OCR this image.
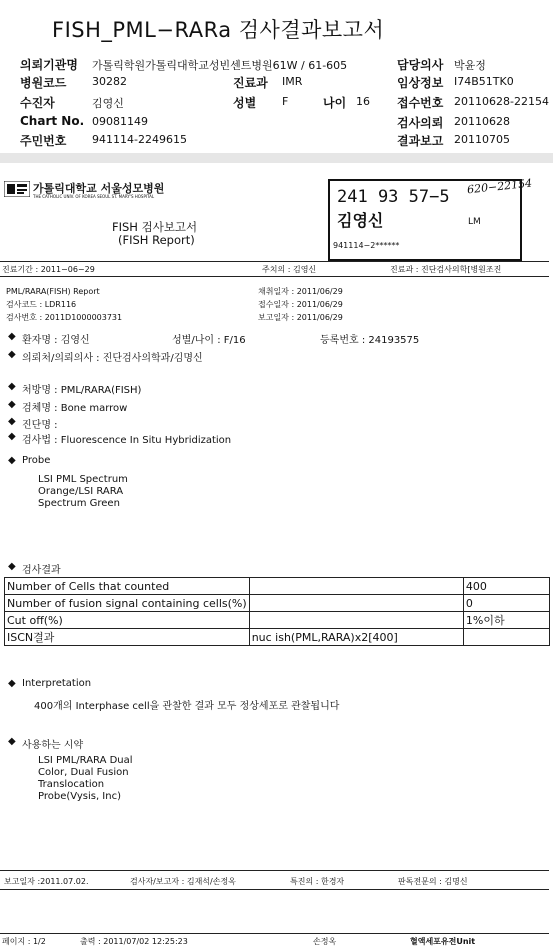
FISH_PML−RARa 검사결과보고서
의뢰기관명 가톨릭학원가톨릭대학교성빈센트병원61W / 61-605	담당의사 박윤정
병원코드 30282	진료과 IMR	임상정보 I74B51TK0
수진자	김영신	성별 F	나이 16 접수번호 20110628-22154
Chart No. 09081149	검사의뢰 20110628
주민번호 941114-2249615	결과보고 20110705
가톨릭대학교 서울성모병원
THE CATHOLIC UNIV. OF KOREA SEOUL ST. MARY'S HOSPITAL
FISH 검사보고서
(FISH Report)
241 93 57−5
620−22154
김영신	LM
941114−2******
진료기간 : 2011−06−29	주치의 : 김영신	진료과 : 진단검사의학[병원조진
PML/RARA(FISH) Report
검사코드 : LDR116
검사번호 : 2011D1000003731
채취일자 : 2011/06/29
접수일자 : 2011/06/29
보고일자 : 2011/06/29
◆ 환자명 : 김영신	성별/나이 : F/16	등록번호 : 24193575
◆ 의뢰처/의뢰의사 : 진단검사의학과/김명신
◆ 처방명 : PML/RARA(FISH)
◆ 검체명 : Bone marrow
◆ 진단명 :
◆ 검사법 : Fluorescence In Situ Hybridization
◆ Probe
LSI PML Spectrum
Orange/LSI RARA
Spectrum Green
◆ 검사결과
Number of Cells that counted		400
Number of fusion signal containing cells(%)		0
Cut off(%)		1%이하
ISCN결과	nuc ish(PML,RARA)x2[400]	
◆ Interpretation
400개의 Interphase cell을 관찰한 결과 모두 정상세포로 관찰됩니다
◆ 사용하는 시약
LSI PML/RARA Dual
Color, Dual Fusion
Translocation
Probe(Vysis, Inc)
보고일자 :2011.07.02.	검사자/보고자 : 김재석/손정옥	특진의 : 한경자	판독전문의 : 김명신
페이지 : 1/2	출력 : 2011/07/02 12:25:23	손정옥	혈액세포유전Unit
